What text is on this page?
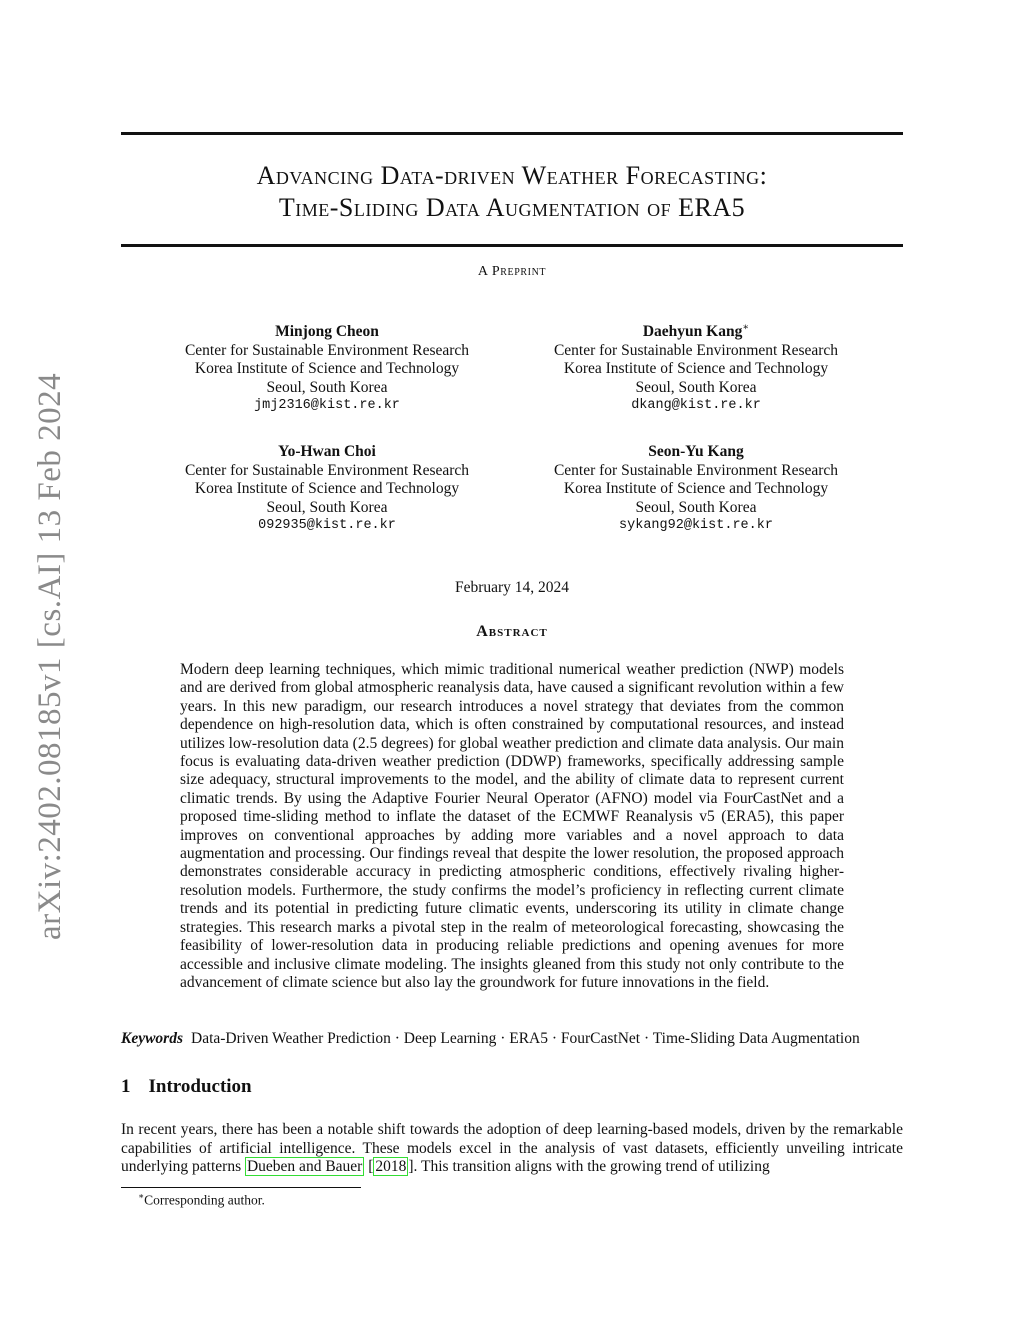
arXiv:2402.08185v1 [cs.AI] 13 Feb 2024
Advancing Data-driven Weather Forecasting:
Time-Sliding Data Augmentation of ERA5
A Preprint
Minjong Cheon
Center for Sustainable Environment Research
Korea Institute of Science and Technology
Seoul, South Korea
jmj2316@kist.re.kr
Daehyun Kang∗
Center for Sustainable Environment Research
Korea Institute of Science and Technology
Seoul, South Korea
dkang@kist.re.kr
Yo-Hwan Choi
Center for Sustainable Environment Research
Korea Institute of Science and Technology
Seoul, South Korea
092935@kist.re.kr
Seon-Yu Kang
Center for Sustainable Environment Research
Korea Institute of Science and Technology
Seoul, South Korea
sykang92@kist.re.kr
February 14, 2024
Abstract
Modern deep learning techniques, which mimic traditional numerical weather prediction (NWP) models and are derived from global atmospheric reanalysis data, have caused a significant revolution within a few years. In this new paradigm, our research introduces a novel strategy that deviates from the common dependence on high-resolution data, which is often constrained by computational resources, and instead utilizes low-resolution data (2.5 degrees) for global weather prediction and climate data analysis. Our main focus is evaluating data-driven weather prediction (DDWP) frameworks, specifically addressing sample size adequacy, structural improvements to the model, and the ability of climate data to represent current climatic trends. By using the Adaptive Fourier Neural Operator (AFNO) model via FourCastNet and a proposed time-sliding method to inflate the dataset of the ECMWF Reanalysis v5 (ERA5), this paper improves on conventional approaches by adding more variables and a novel approach to data augmentation and processing. Our findings reveal that despite the lower resolution, the proposed approach demonstrates considerable accuracy in predicting atmospheric conditions, effectively rivaling higher-resolution models. Furthermore, the study confirms the model’s proficiency in reflecting current climate trends and its potential in predicting future climatic events, underscoring its utility in climate change strategies. This research marks a pivotal step in the realm of meteorological forecasting, showcasing the feasibility of lower-resolution data in producing reliable predictions and opening avenues for more accessible and inclusive climate modeling. The insights gleaned from this study not only contribute to the advancement of climate science but also lay the groundwork for future innovations in the field.
Keywords Data-Driven Weather Prediction · Deep Learning · ERA5 · FourCastNet · Time-Sliding Data Augmentation
1 Introduction
In recent years, there has been a notable shift towards the adoption of deep learning-based models, driven by the remarkable capabilities of artificial intelligence. These models excel in the analysis of vast datasets, efficiently unveiling intricate underlying patterns Dueben and Bauer [ 2018 ]. This transition aligns with the growing trend of utilizing
∗Corresponding author.
